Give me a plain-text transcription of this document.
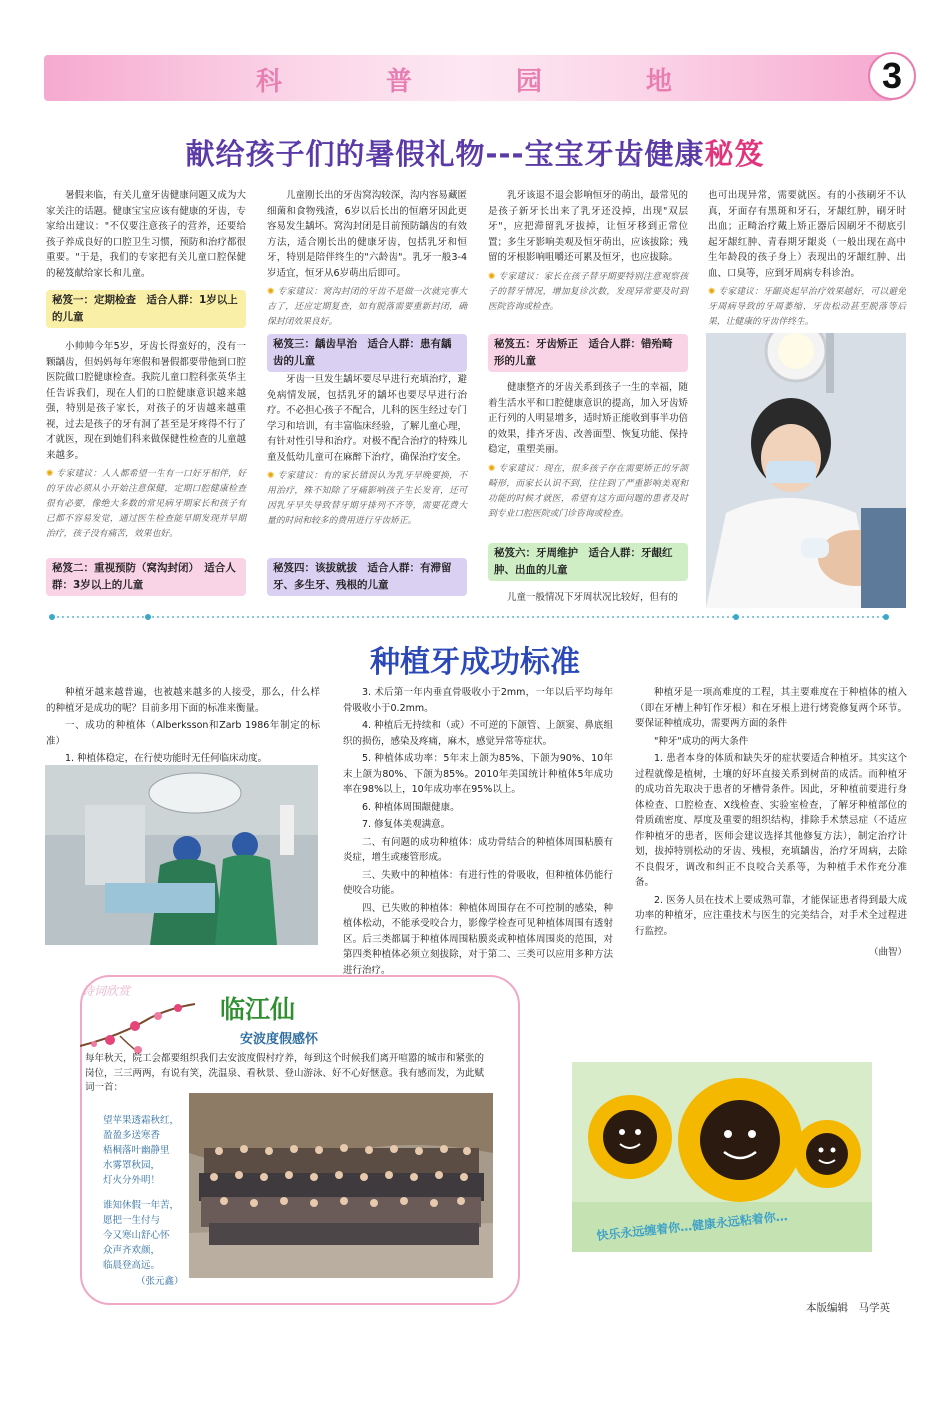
科	普	园	地	3
献给孩子们的暑假礼物---宝宝牙齿健康秘笈

暑假来临，有关儿童牙齿健康问题又成为大家关注的话题。健康宝宝应该有健康的牙齿，专家给出建议："不仅要注意孩子的营养，还要给孩子养成良好的口腔卫生习惯，预防和治疗都很重要。"于是，我们的专家把有关儿童口腔保健的秘笈献给家长和儿童。

秘笈一：定期检查　适合人群：1岁以上的儿童

小帅帅今年5岁，牙齿长得蛮好的，没有一颗龋齿，但妈妈每年寒假和暑假都要带他到口腔医院做口腔健康检查。我院儿童口腔科张英华主任告诉我们，现在人们的口腔健康意识越来越强，特别是孩子家长，对孩子的牙齿越来越重视，过去是孩子的牙有洞了甚至是牙疼得不行了才就医，现在到她们科来做保健性检查的儿童越来越多。

✺ 专家建议：人人都希望一生有一口好牙相伴，好的牙齿必须从小开始注意保健，定期口腔健康检查很有必要，像绝大多数的常见病牙期家长和孩子有已都不容易发觉，通过医生检查能早期发现并早期治疗，孩子没有痛苦，效果也好。
秘笈二：重视预防（窝沟封闭）　适合人群：3岁以上的儿童

儿童刚长出的牙齿窝沟较深，沟内容易藏匿细菌和食物残渣，6岁以后长出的恒磨牙因此更容易发生龋坏。窝沟封闭是目前预防龋齿的有效方法，适合刚长出的健康牙齿，包括乳牙和恒牙，特别是陪伴终生的"六龄齿"。乳牙一般3-4岁适宜，恒牙从6岁萌出后即可。

✺ 专家建议：窝沟封闭的牙齿不是做一次就完事大吉了，还应定期复查，如有脱落需要重新封闭，确保封闭效果良好。
秘笈三：龋齿早治　适合人群：患有龋齿的儿童

牙齿一旦发生龋坏要尽早进行充填治疗，避免病情发展，包括乳牙的龋坏也要尽早进行治疗。不必担心孩子不配合，儿科的医生经过专门学习和培训，有丰富临床经验，了解儿童心理，有针对性引导和治疗。对极不配合治疗的特殊儿童及低幼儿童可在麻醉下治疗，确保治疗安全。

✺ 专家建议：有的家长错误认为乳牙早晚要换，不用治疗，殊不知除了牙痛影响孩子生长发育，还可因乳牙早失导致替牙期牙排列不齐等，需要花费大量的时间和较多的费用进行牙齿矫正。
秘笈四：该拔就拔　适合人群：有滞留牙、多生牙、残根的儿童

乳牙该退不退会影响恒牙的萌出，最常见的是孩子新牙长出来了乳牙还没掉，出现"双层牙"，应把滞留乳牙拔掉，让恒牙移到正常位置；多生牙影响美观及恒牙萌出，应该拔除；残留的牙根影响咀嚼还可累及恒牙，也应拔除。

✺ 专家建议：家长在孩子替牙期要特别注意观察孩子的替牙情况，增加复诊次数，发现异常要及时到医院咨询或检查。
秘笈五：牙齿矫正　适合人群：错殆畸形的儿童

健康整齐的牙齿关系到孩子一生的幸福，随着生活水平和口腔健康意识的提高，加入牙齿矫正行列的人明显增多，适时矫正能收到事半功倍的效果，排齐牙齿、改善面型、恢复功能、保持稳定，重塑美丽。

✺ 专家建议：现在，很多孩子存在需要矫正的牙颌畸形，而家长认识不到，往往到了严重影响美观和功能的时候才就医，希望有这方面问题的患者及时到专业口腔医院或门诊咨询或检查。
秘笈六：牙周维护　适合人群：牙龈红肿、出血的儿童

儿童一般情况下牙周状况比较好，但有的

也可出现异常，需要就医。有的小孩刷牙不认真，牙面存有黑斑和牙石，牙龈红肿，刷牙时出血；正畸治疗戴上矫正器后因刷牙不彻底引起牙龈红肿、青春期牙龈炎（一般出现在高中生年龄段的孩子身上）表现出的牙龈红肿、出血、口臭等，应到牙周病专科诊治。

✺ 专家建议：牙龈炎起早治疗效果越好，可以避免牙周病导致的牙周萎缩、牙齿松动甚至脱落等后果，让健康的牙齿伴终生。
种植牙成功标准

种植牙越来越普遍，也被越来越多的人接受，那么，什么样的种植牙是成功的呢？目前多用下面的标准来衡量。

一、成功的种植体（Alberksson和Zarb 1986年制定的标准）

1. 种植体稳定，在行使功能时无任何临床动度。

3. 术后第一年内垂直骨吸收小于2mm，一年以后平均每年骨吸收小于0.2mm。

4. 种植后无持续和（或）不可逆的下颌管、上颌窦、鼻底组织的损伤，感染及疼痛，麻木，感觉异常等症状。

5. 种植体成功率：5年末上颌为85%、下颌为90%、10年末上颌为80%、下颌为85%。2010年美国统计种植体5年成功率在98%以上，10年成功率在95%以上。

6. 种植体周围龈健康。

7. 修复体美观满意。

二、有问题的成功种植体：成功骨结合的种植体周围粘膜有炎症，增生或瘘管形成。

三、失败中的种植体：有进行性的骨吸收，但种植体仍能行使咬合功能。

四、已失败的种植体：种植体周围存在不可控制的感染，种植体松动，不能承受咬合力，影像学检查可见种植体周围有透射区。后三类都属于种植体周围粘膜炎或种植体周围炎的范围，对第四类种植体必须立刻拔除，对于第二、三类可以应用多种方法进行治疗。

种植牙是一项高难度的工程，其主要难度在于种植体的植入（即在牙槽上种钉作牙根）和在牙根上进行烤瓷修复两个环节。要保证种植成功，需要两方面的条件

"种牙"成功的两大条件

1. 患者本身的体质和缺失牙的症状要适合种植牙。其实这个过程就像是植树，土壤的好坏直接关系到树苗的成活。而种植牙的成功首先取决于患者的牙槽骨条件。因此，牙种植前要进行身体检查、口腔检查、X线检查、实验室检查，了解牙种植部位的骨质疏密度、厚度及重要的组织结构，排除手术禁忌症（不适应作种植牙的患者，医师会建议选择其他修复方法），制定治疗计划，拔掉特别松动的牙齿、残根，充填龋齿，治疗牙周病，去除不良假牙，调改和纠正不良咬合关系等，为种植手术作充分准备。

2. 医务人员在技术上要成熟可靠，才能保证患者得到最大成功率的种植牙，应注重技术与医生的完美结合，对手术全过程进行监控。

（曲智）
诗词欣赏
临江仙
安波度假感怀
每年秋天，院工会都要组织我们去安波度假村疗养，每到这个时候我们离开喧嚣的城市和紧张的岗位，三三两两，有说有笑，洗温泉、看秋景、登山游泳、好不心好惬意。我有感而发，为此赋词一首：
望苹果透霜秋红，
盈盈多送寒香
梧桐落叶幽静里
水雾罩秋园，
灯火分外明！
谁知休假一年苦，
愿把一生付与
今又寒山舒心怀
众声齐欢颜，
临晨登高远。
（张元鑫）
快乐永远缠着你…健康永远粘着你…
本版编辑　马学英
